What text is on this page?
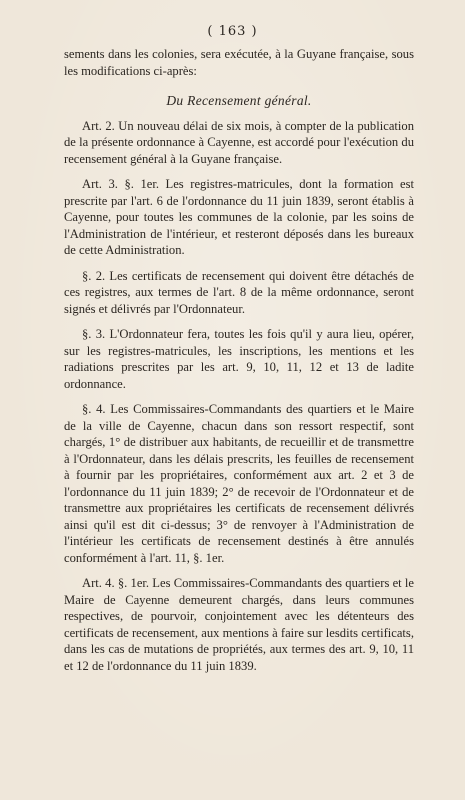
( 163 )

sements dans les colonies, sera exécutée, à la Guyane française, sous les modifications ci-après:

Du Recensement général.

Art. 2. Un nouveau délai de six mois, à compter de la publication de la présente ordonnance à Cayenne, est accordé pour l'exécution du recensement général à la Guyane française.

Art. 3. §. 1er. Les registres-matricules, dont la formation est prescrite par l'art. 6 de l'ordonnance du 11 juin 1839, seront établis à Cayenne, pour toutes les communes de la colonie, par les soins de l'Administration de l'intérieur, et resteront déposés dans les bureaux de cette Administration.

§. 2. Les certificats de recensement qui doivent être détachés de ces registres, aux termes de l'art. 8 de la même ordonnance, seront signés et délivrés par l'Ordonnateur.

§. 3. L'Ordonnateur fera, toutes les fois qu'il y aura lieu, opérer, sur les registres-matricules, les inscriptions, les mentions et les radiations prescrites par les art. 9, 10, 11, 12 et 13 de ladite ordonnance.

§. 4. Les Commissaires-Commandants des quartiers et le Maire de la ville de Cayenne, chacun dans son ressort respectif, sont chargés, 1° de distribuer aux habitants, de recueillir et de transmettre à l'Ordonnateur, dans les délais prescrits, les feuilles de recensement à fournir par les propriétaires, conformément aux art. 2 et 3 de l'ordonnance du 11 juin 1839; 2° de recevoir de l'Ordonnateur et de transmettre aux propriétaires les certificats de recensement délivrés ainsi qu'il est dit ci-dessus; 3° de renvoyer à l'Administration de l'intérieur les certificats de recensement destinés à être annulés conformément à l'art. 11, §. 1er.

Art. 4. §. 1er. Les Commissaires-Commandants des quartiers et le Maire de Cayenne demeurent chargés, dans leurs communes respectives, de pourvoir, conjointement avec les détenteurs des certificats de recensement, aux mentions à faire sur lesdits certificats, dans les cas de mutations de propriétés, aux termes des art. 9, 10, 11 et 12 de l'ordonnance du 11 juin 1839.
